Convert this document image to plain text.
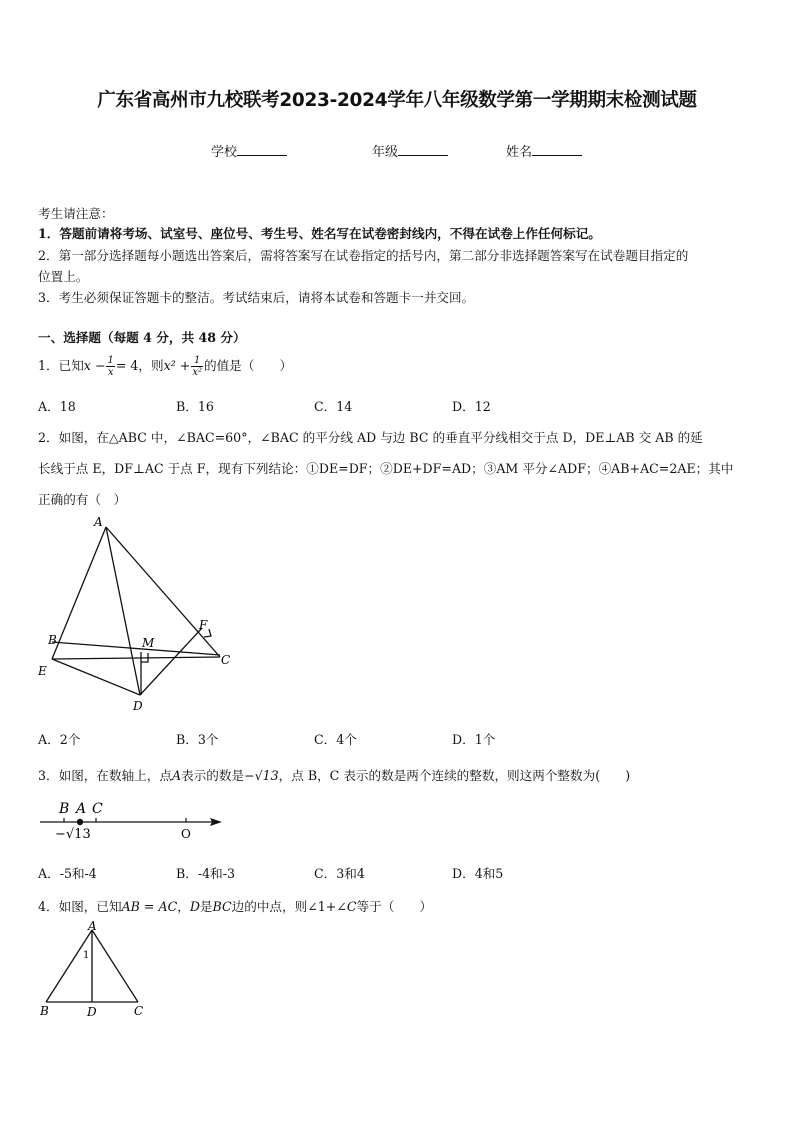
广东省高州市九校联考2023-2024学年八年级数学第一学期期末检测试题
学校	年级	姓名
考生请注意：
1．答题前请将考场、试室号、座位号、考生号、姓名写在试卷密封线内，不得在试卷上作任何标记。
2．第一部分选择题每小题选出答案后，需将答案写在试卷指定的括号内，第二部分非选择题答案写在试卷题目指定的
位置上。
3．考生必须保证答题卡的整洁。考试结束后，请将本试卷和答题卡一并交回。
一、选择题（每题 4 分，共 48 分）
1．已知$x - \frac{1}{x} = 4$，则$x^2 + \frac{1}{\text{x²}}$ 的值是（　　）
A．18	B．16	C．14	D．12
2．如图，在△ABC 中，∠BAC=60°，∠BAC 的平分线 AD 与边 BC 的垂直平分线相交于点 D，DE⊥AB 交 AB 的延
长线于点 E，DF⊥AC 于点 F，现有下列结论：①DE=DF；②DE+DF=AD；③AM 平分∠ADF；④AB+AC=2AE；其中
正确的有（　）
A
B	M
F
C
E
D
A．2个	B．3个	C．4个	D．1个
3．如图，在数轴上，点A表示的数是−√13，点 B，C 表示的数是两个连续的整数，则这两个整数为(　　)
B A C
−√13	O
A．-5和-4	B．-4和-3	C．3和4	D．4和5
4．如图，已知AB = AC，D是BC边的中点，则∠1+∠C等于（　　）
A
1
B	D	C
